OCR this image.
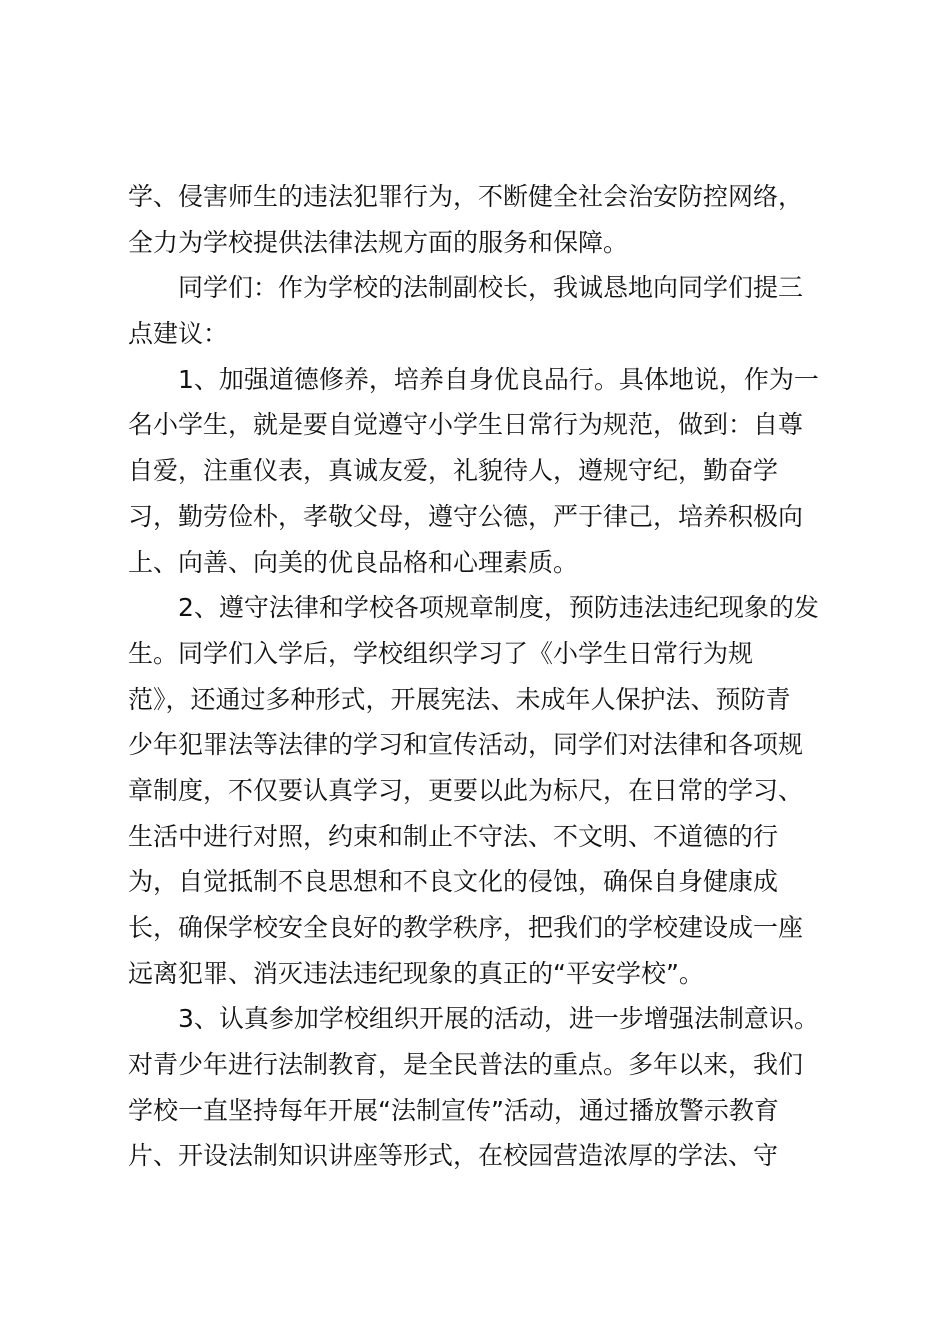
学、侵害师生的违法犯罪行为，不断健全社会治安防控网络，
全力为学校提供法律法规方面的服务和保障。
同学们：作为学校的法制副校长，我诚恳地向同学们提三
点建议：
1、加强道德修养，培养自身优良品行。具体地说，作为一
名小学生，就是要自觉遵守小学生日常行为规范，做到：自尊
自爱，注重仪表，真诚友爱，礼貌待人，遵规守纪，勤奋学
习，勤劳俭朴，孝敬父母，遵守公德，严于律己，培养积极向
上、向善、向美的优良品格和心理素质。
2、遵守法律和学校各项规章制度，预防违法违纪现象的发
生。同学们入学后，学校组织学习了《小学生日常行为规
范》，还通过多种形式，开展宪法、未成年人保护法、预防青
少年犯罪法等法律的学习和宣传活动，同学们对法律和各项规
章制度，不仅要认真学习，更要以此为标尺，在日常的学习、
生活中进行对照，约束和制止不守法、不文明、不道德的行
为，自觉抵制不良思想和不良文化的侵蚀，确保自身健康成
长，确保学校安全良好的教学秩序，把我们的学校建设成一座
远离犯罪、消灭违法违纪现象的真正的“平安学校”。
3、认真参加学校组织开展的活动，进一步增强法制意识。
对青少年进行法制教育，是全民普法的重点。多年以来，我们
学校一直坚持每年开展“法制宣传”活动，通过播放警示教育
片、开设法制知识讲座等形式，在校园营造浓厚的学法、守
